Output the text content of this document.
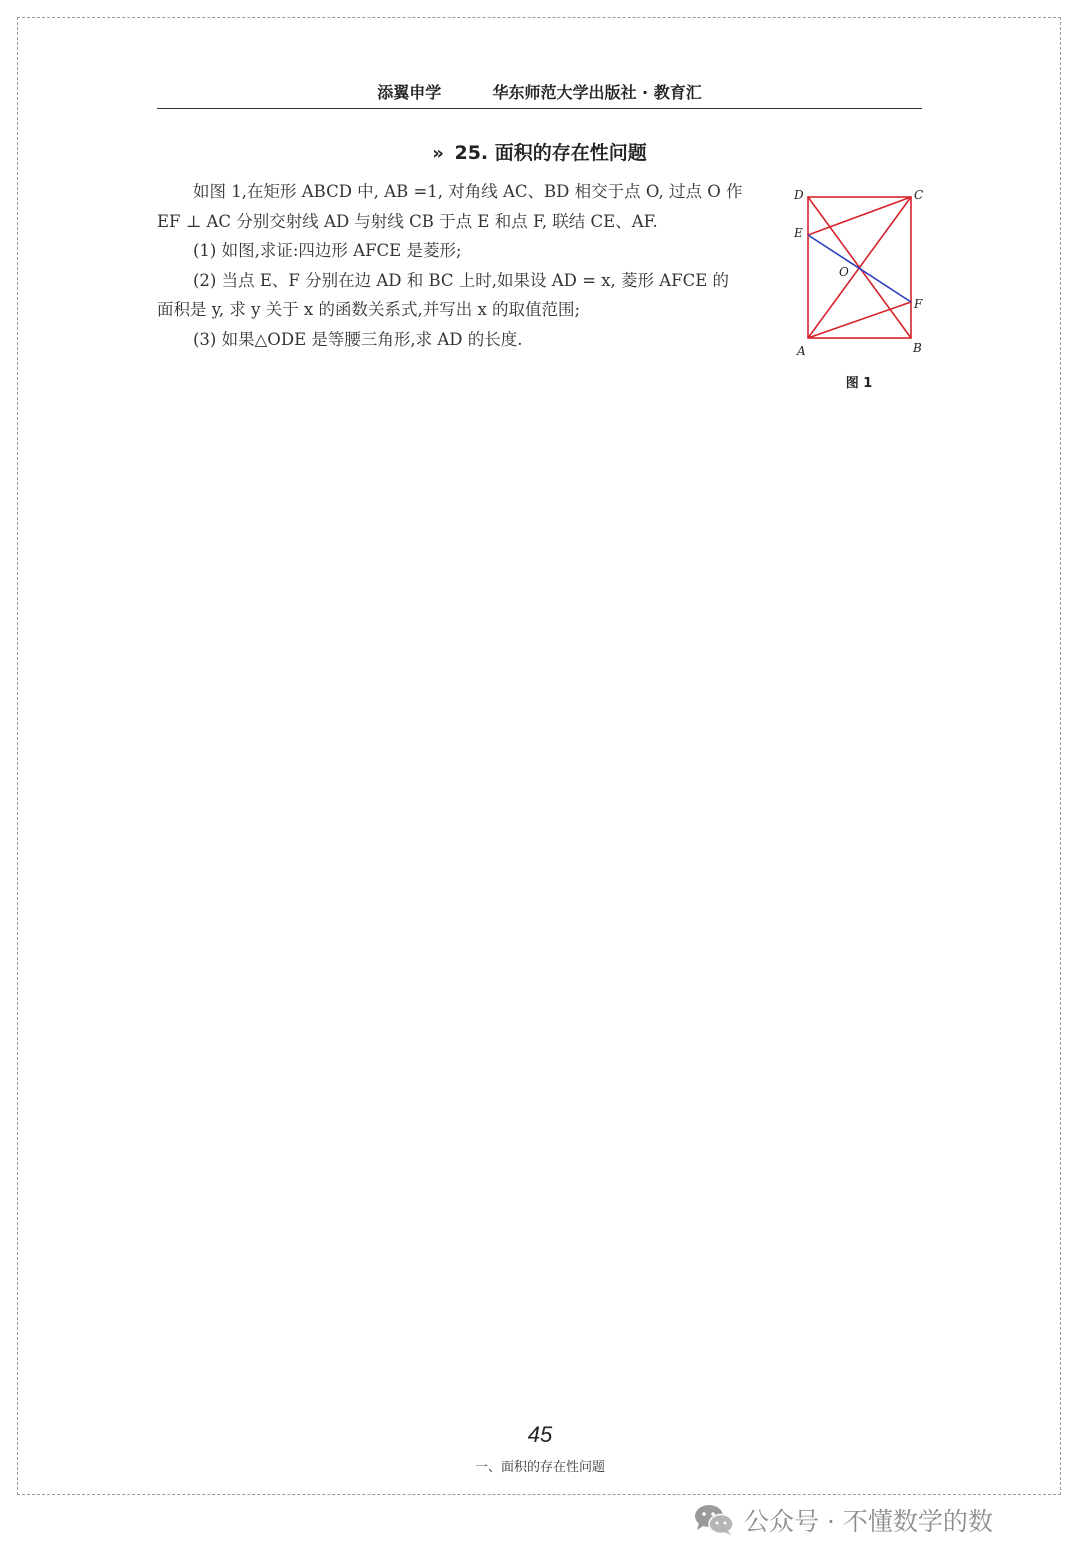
添翼申学	华东师范大学出版社 · 教育汇
» 25. 面积的存在性问题

如图 1,在矩形 ABCD 中, AB =1, 对角线 AC、BD 相交于点 O, 过点 O 作

EF ⊥ AC 分别交射线 AD 与射线 CB 于点 E 和点 F, 联结 CE、AF.

(1) 如图,求证:四边形 AFCE 是菱形;

(2) 当点 E、F 分别在边 AD 和 BC 上时,如果设 AD = x, 菱形 AFCE 的

面积是 y, 求 y 关于 x 的函数关系式,并写出 x 的取值范围;

(3) 如果△ODE 是等腰三角形,求 AD 的长度.

D	C
E
O
F
A	B
图 1
45
一、面积的存在性问题
公众号 · 不懂数学的数
